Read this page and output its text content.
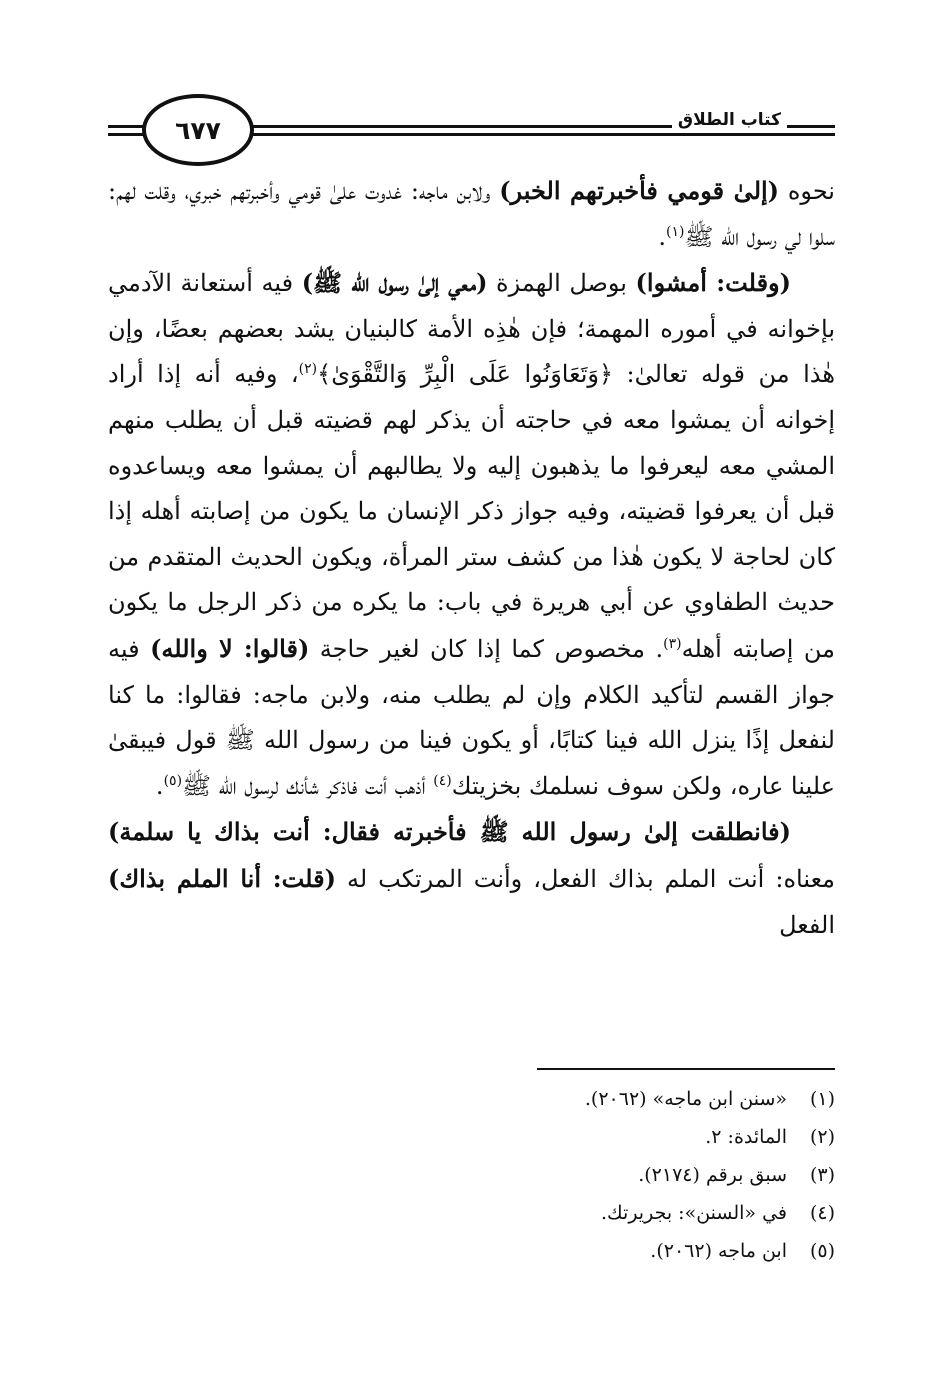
٦٧٧	كتاب الطلاق

نحوه (إلىٰ قومي فأخبرتهم الخبر) ولابن ماجه: غدوت علىٰ قومي وأخبرتهم خبري، وقلت لهم: سلوا لي رسول الله ﷺ$^{(١)}$.

(وقلت: أمشوا) بوصل الهمزة (معي إلىٰ رسول الله ﷺ) فيه أستعانة الآدمي بإخوانه في أموره المهمة؛ فإن هٰذِه الأمة كالبنيان يشد بعضهم بعضًا، وإن هٰذا من قوله تعالىٰ: ﴿وَتَعَاوَنُوا عَلَى الْبِرِّ وَالتَّقْوَىٰ﴾$^{(٢)}$، وفيه أنه إذا أراد إخوانه أن يمشوا معه في حاجته أن يذكر لهم قضيته قبل أن يطلب منهم المشي معه ليعرفوا ما يذهبون إليه ولا يطالبهم أن يمشوا معه ويساعدوه قبل أن يعرفوا قضيته، وفيه جواز ذكر الإنسان ما يكون من إصابته أهله إذا كان لحاجة لا يكون هٰذا من كشف ستر المرأة، ويكون الحديث المتقدم من حديث الطفاوي عن أبي هريرة في باب: ما يكره من ذكر الرجل ما يكون من إصابته أهله$^{(٣)}$. مخصوص كما إذا كان لغير حاجة (قالوا: لا والله) فيه جواز القسم لتأكيد الكلام وإن لم يطلب منه، ولابن ماجه: فقالوا: ما كنا لنفعل إذًا ينزل الله فينا كتابًا، أو يكون فينا من رسول الله ﷺ قول فيبقىٰ علينا عاره، ولكن سوف نسلمك بخزيتك$^{(٤)}$ أذهب أنت فاذكر شأنك لرسول الله ﷺ$^{(٥)}$.

(فانطلقت إلىٰ رسول الله ﷺ فأخبرته فقال: أنت بذاك يا سلمة) معناه: أنت الملم بذاك الفعل، وأنت المرتكب له (قلت: أنا الملم بذاك) الفعل

(١)
«سنن ابن ماجه» (٢٠٦٢).
(٢)
المائدة: ٢.
(٣)
سبق برقم (٢١٧٤).
(٤)
في «السنن»: بجريرتك.
(٥)
ابن ماجه (٢٠٦٢).
